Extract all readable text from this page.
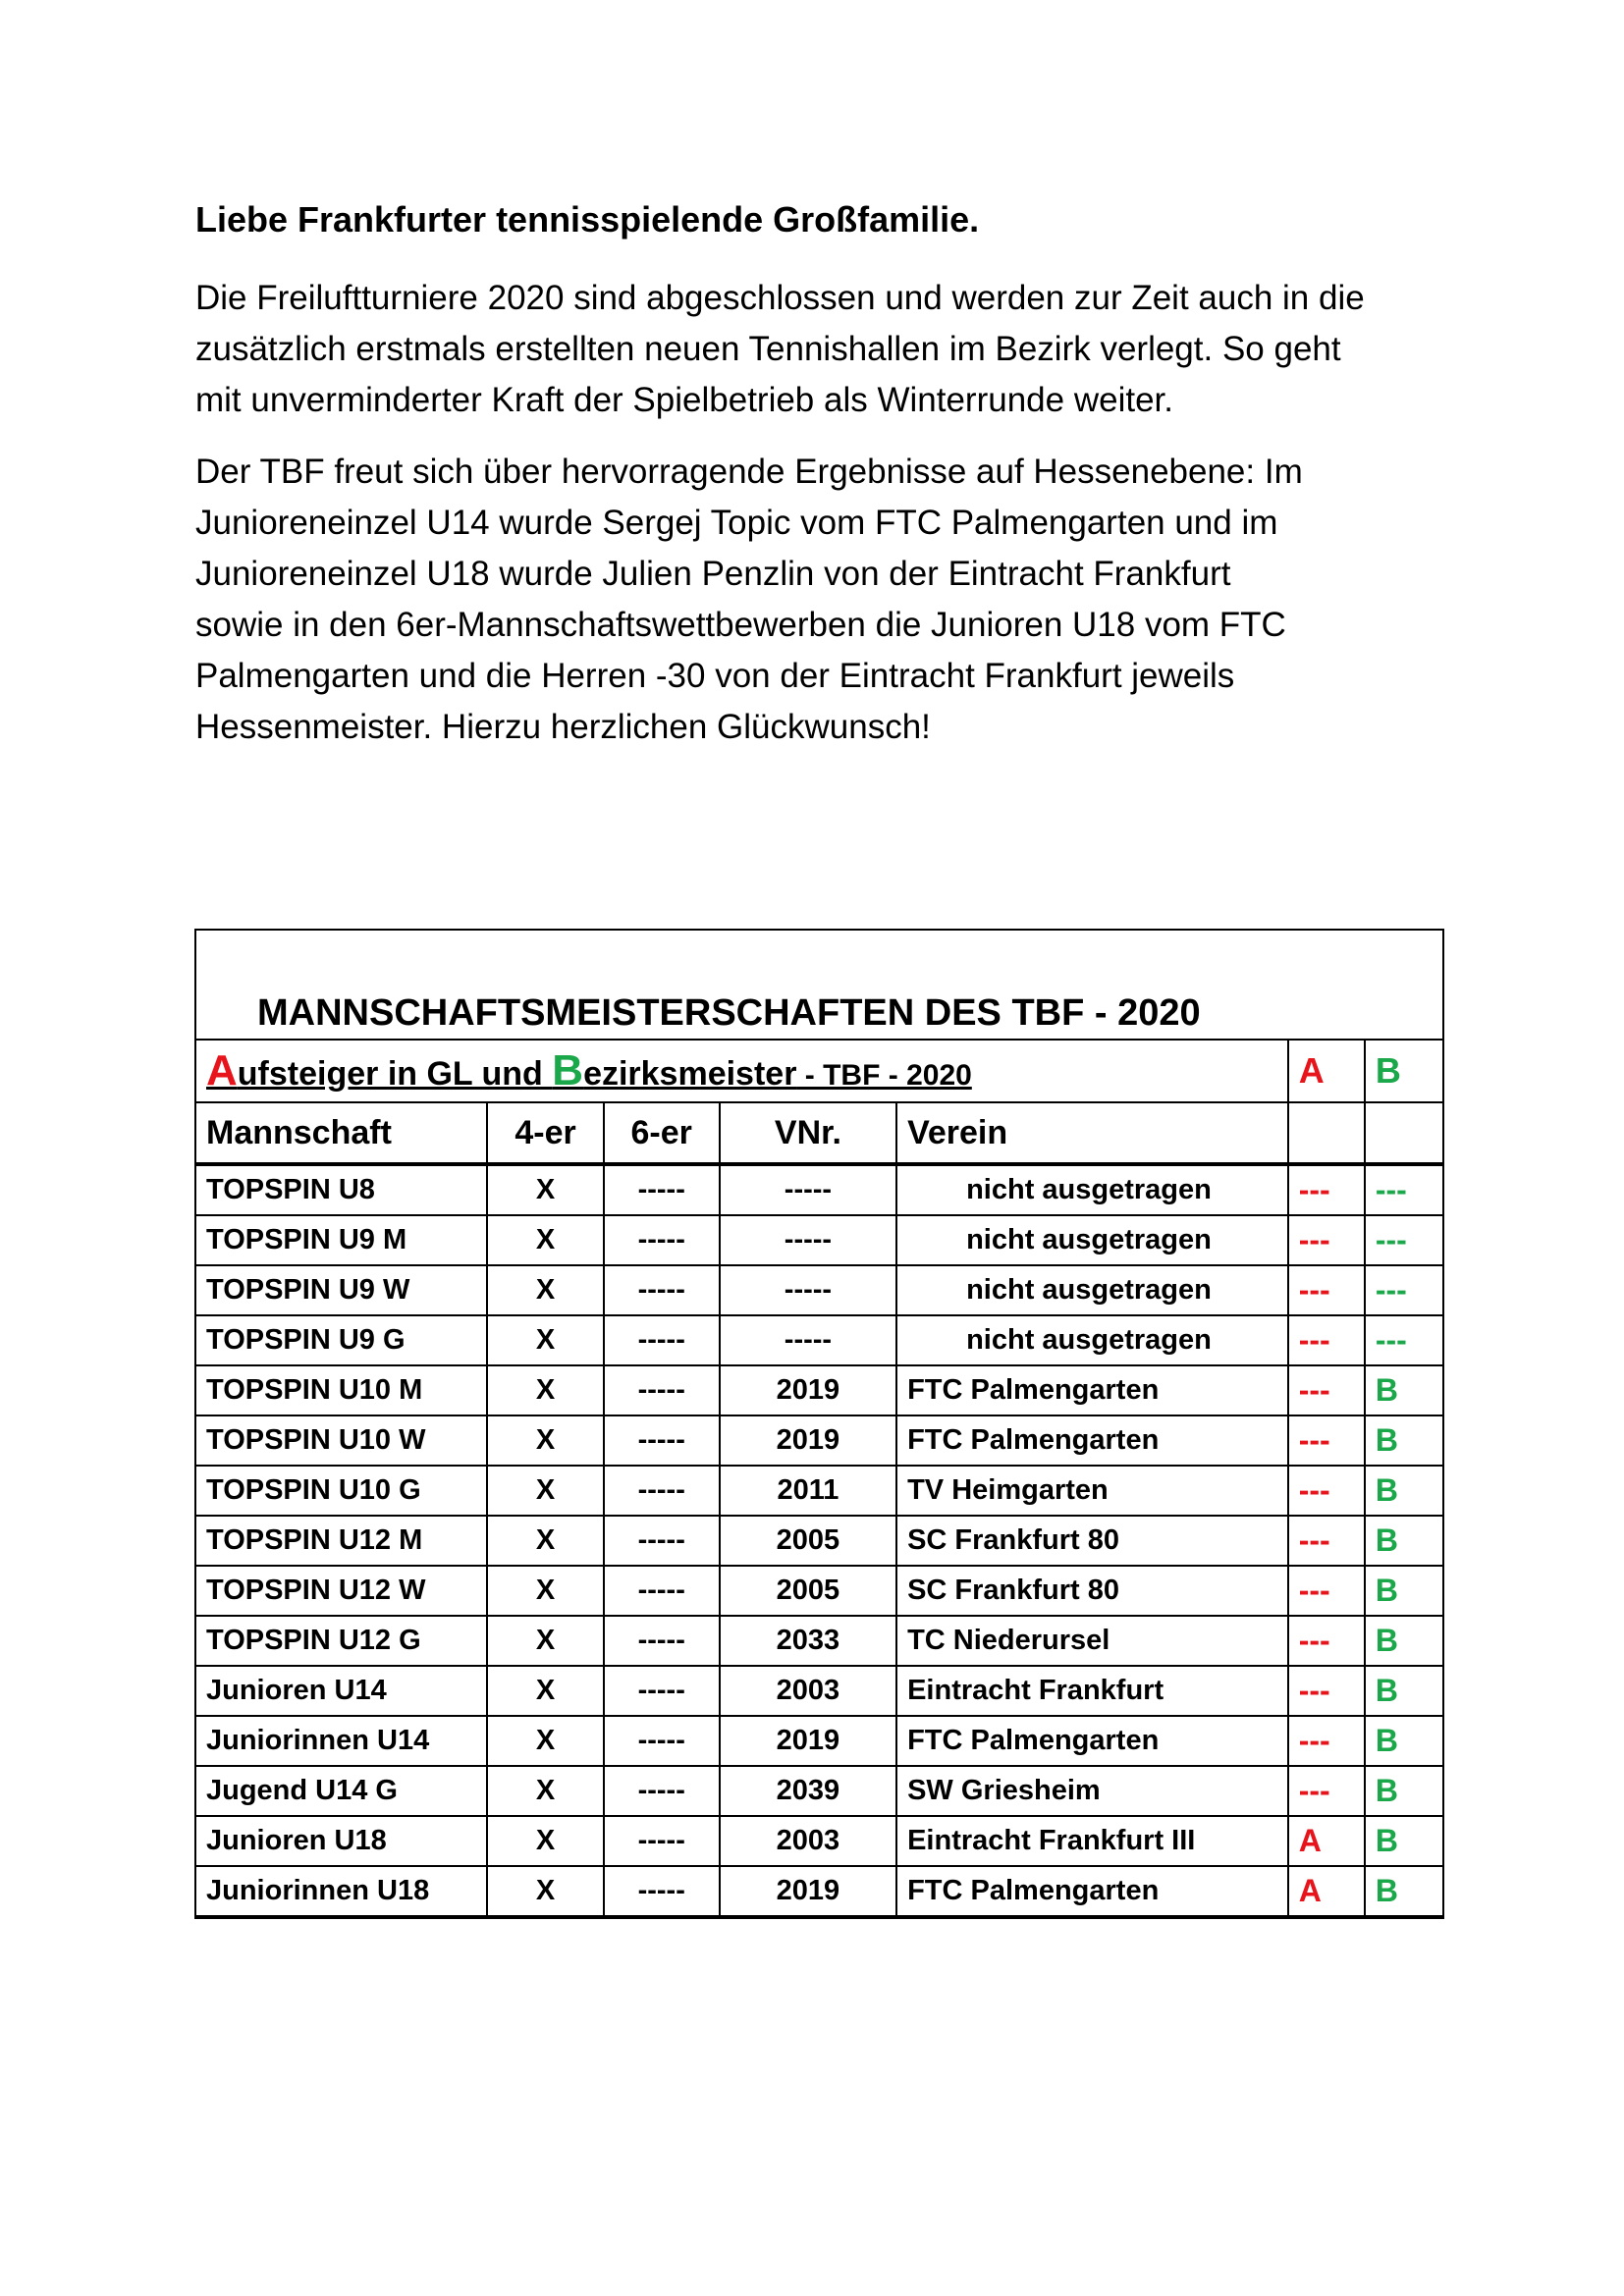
Liebe Frankfurter tennisspielende Großfamilie.

Die Freiluftturniere 2020 sind abgeschlossen und werden zur Zeit auch in die
zusätzlich erstmals erstellten neuen Tennishallen im Bezirk verlegt. So geht
mit unverminderter Kraft der Spielbetrieb als Winterrunde weiter.

Der TBF freut sich über hervorragende Ergebnisse auf Hessenebene: Im
Junioreneinzel U14 wurde Sergej Topic vom FTC Palmengarten und im
Junioreneinzel U18 wurde Julien Penzlin von der Eintracht Frankfurt
sowie in den 6er-Mannschaftswettbewerben die Junioren U18 vom FTC
Palmengarten und die Herren -30 von der Eintracht Frankfurt jeweils
Hessenmeister. Hierzu herzlichen Glückwunsch!

MANNSCHAFTSMEISTERSCHAFTEN DES TBF - 2020						

Aufsteiger in GL und Bezirksmeister - TBF - 2020					A	B
Mannschaft	4-er	6-er	VNr.	Verein		
TOPSPIN U8	X	-----	-----	nicht ausgetragen	---	---
TOPSPIN U9 M	X	-----	-----	nicht ausgetragen	---	---
TOPSPIN U9 W	X	-----	-----	nicht ausgetragen	---	---
TOPSPIN U9 G	X	-----	-----	nicht ausgetragen	---	---
TOPSPIN U10 M	X	-----	2019	FTC Palmengarten	---	B
TOPSPIN U10 W	X	-----	2019	FTC Palmengarten	---	B
TOPSPIN U10 G	X	-----	2011	TV Heimgarten	---	B
TOPSPIN U12 M	X	-----	2005	SC Frankfurt 80	---	B
TOPSPIN U12 W	X	-----	2005	SC Frankfurt 80	---	B
TOPSPIN U12 G	X	-----	2033	TC Niederursel	---	B
Junioren U14	X	-----	2003	Eintracht Frankfurt	---	B
Juniorinnen U14	X	-----	2019	FTC Palmengarten	---	B
Jugend U14 G	X	-----	2039	SW Griesheim	---	B
Junioren U18	X	-----	2003	Eintracht Frankfurt III	A	B
Juniorinnen U18	X	-----	2019	FTC Palmengarten	A	B
